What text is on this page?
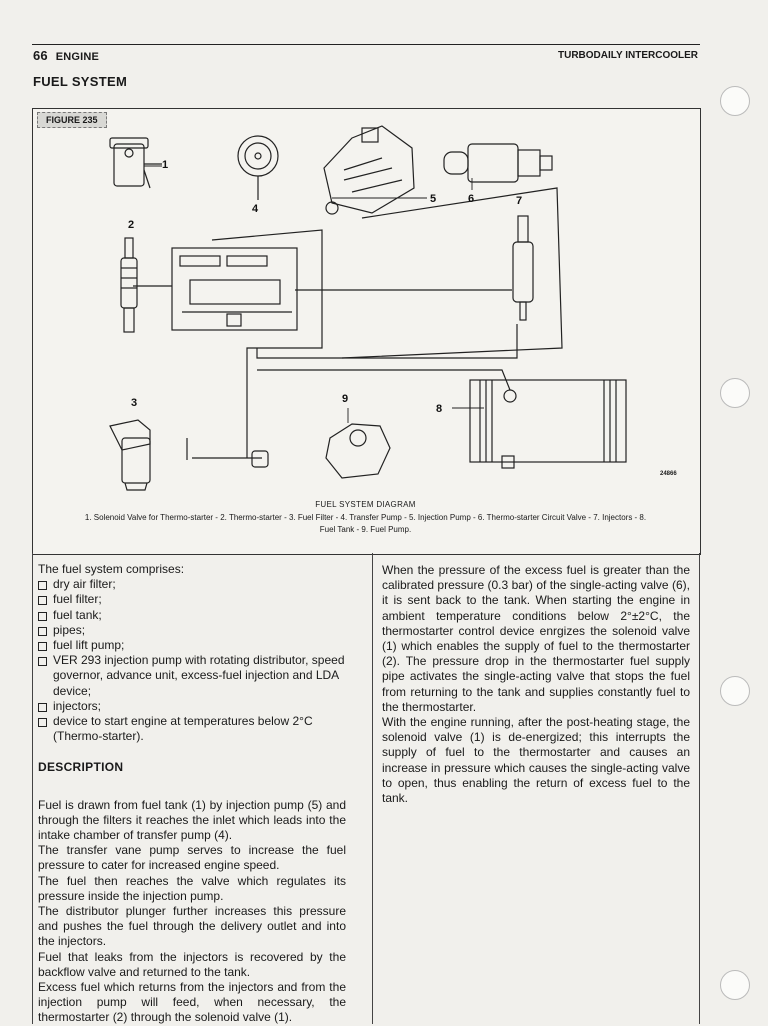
66 ENGINE	TURBODAILY INTERCOOLER
FUEL SYSTEM
1
2
3
4
5	6	7
8
9
FIGURE 235
24866
FUEL SYSTEM DIAGRAM
1. Solenoid Valve for Thermo-starter - 2. Thermo-starter - 3. Fuel Filter - 4. Transfer Pump - 5. Injection Pump - 6. Thermo-starter Circuit Valve - 7. Injectors - 8.
Fuel Tank - 9. Fuel Pump.

The fuel system comprises:

dry air filter;
fuel filter;
fuel tank;
pipes;
fuel lift pump;
VER 293 injection pump with rotating distributor, speed governor, advance unit, excess-fuel injection and LDA device;
injectors;
device to start engine at temperatures below 2°C (Thermo-starter).
DESCRIPTION

Fuel is drawn from fuel tank (1) by injection pump (5) and through the filters it reaches the inlet which leads into the intake chamber of transfer pump (4).

The transfer vane pump serves to increase the fuel pressure to cater for increased engine speed.

The fuel then reaches the valve which regulates its pressure inside the injection pump.

The distributor plunger further increases this pressure and pushes the fuel through the delivery outlet and into the injectors.

Fuel that leaks from the injectors is recovered by the backflow valve and returned to the tank.

Excess fuel which returns from the injectors and from the injection pump will feed, when necessary, the thermostarter (2) through the solenoid valve (1).

When the pressure of the excess fuel is greater than the calibrated pressure (0.3 bar) of the single-acting valve (6), it is sent back to the tank. When starting the engine in ambient temperature conditions below 2°±2°C, the thermostarter control device enrgizes the solenoid valve (1) which enables the supply of fuel to the thermostarter (2). The pressure drop in the thermostarter fuel supply pipe activates the single-acting valve that stops the fuel from returning to the tank and supplies constantly fuel to the thermostarter.

With the engine running, after the post-heating stage, the solenoid valve (1) is de-energized; this interrupts the supply of fuel to the thermostarter and causes an increase in pressure which causes the single-acting valve to open, thus enabling the return of excess fuel to the tank.
